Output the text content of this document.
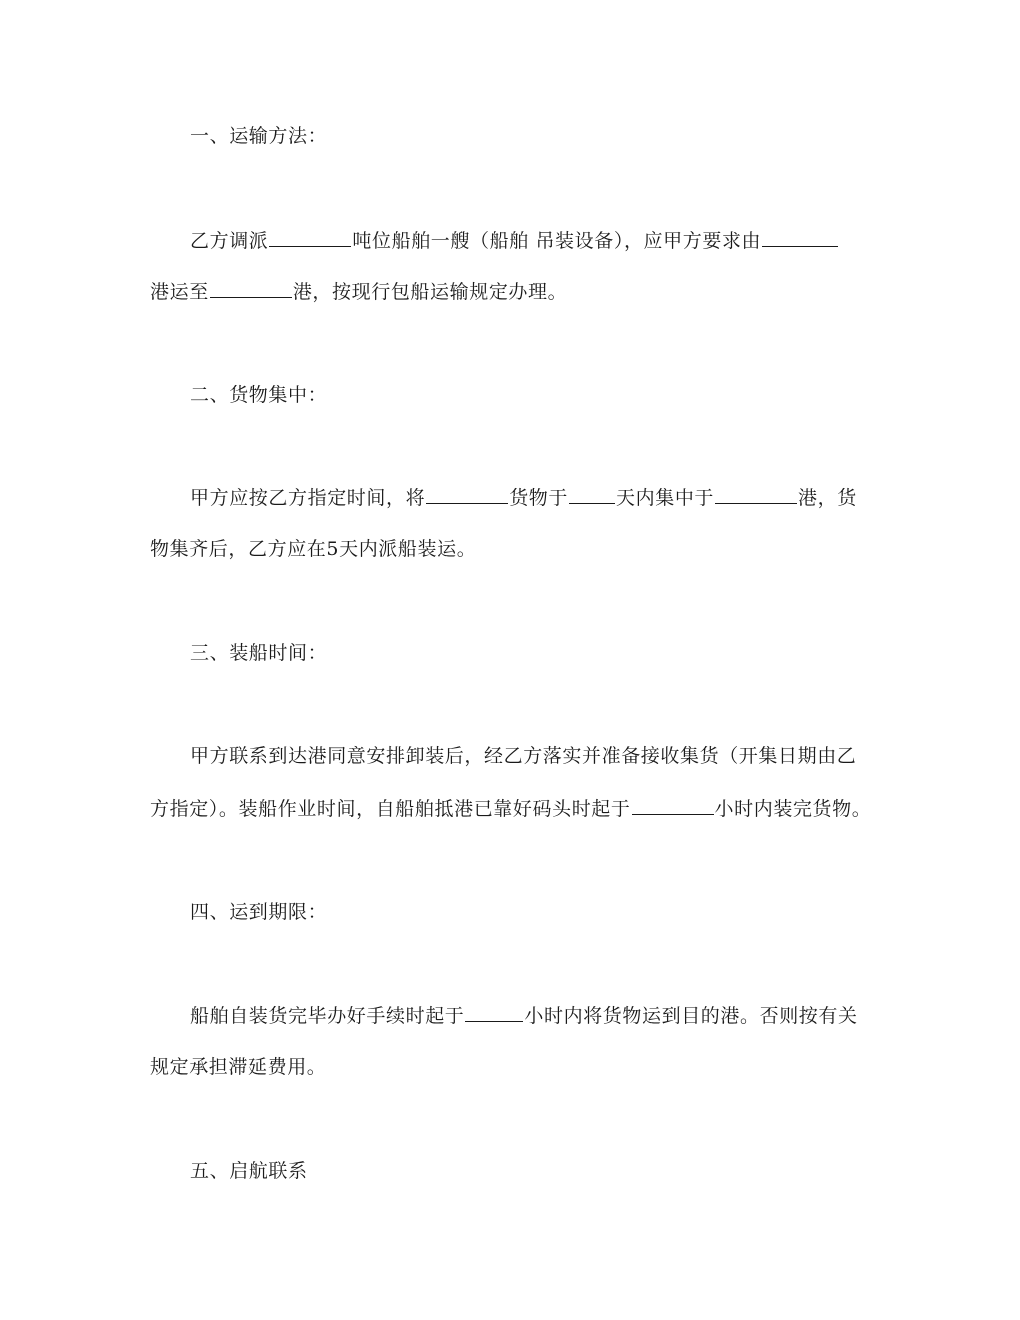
一、运输方法：
乙方调派	吨位船舶一艘（船舶 吊装设备），应甲方要求由
港运至	港，按现行包船运输规定办理。
二、货物集中：
甲方应按乙方指定时间，将	货物于	天内集中于	港，货
物集齐后，乙方应在5天内派船装运。
三、装船时间：
甲方联系到达港同意安排卸装后，经乙方落实并准备接收集货（开集日期由乙
方指定）。装船作业时间，自船舶抵港已靠好码头时起于	小时内装完货物。
四、运到期限：
船舶自装货完毕办好手续时起于	小时内将货物运到目的港。否则按有关
规定承担滞延费用。
五、启航联系
